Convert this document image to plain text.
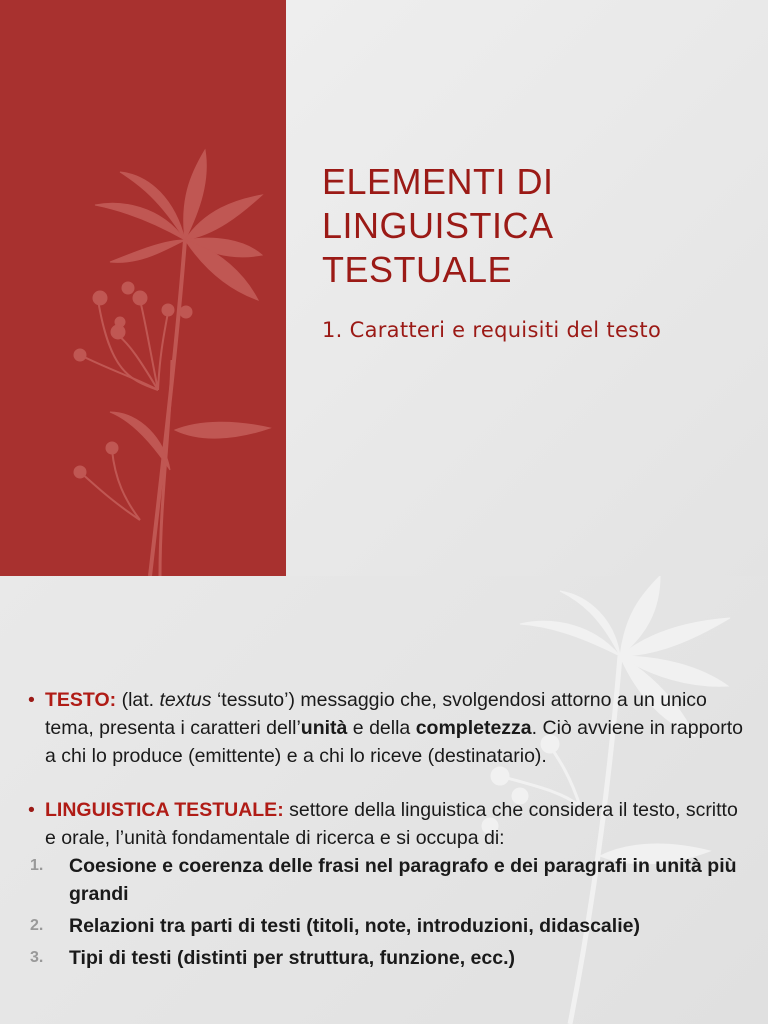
ELEMENTI DI
LINGUISTICA
TESTUALE
1. Caratteri e requisiti del testo

• TESTO: (lat. textus ‘tessuto’) messaggio che, svolgendosi attorno a un unico tema, presenta i caratteri dell’unità e della completezza. Ciò avviene in rapporto a chi lo produce (emittente) e a chi lo riceve (destinatario).

• LINGUISTICA TESTUALE: settore della linguistica che considera il testo, scritto e orale, l’unità fondamentale di ricerca e si occupa di:

1. Coesione e coerenza delle frasi nel paragrafo e dei paragrafi in unità più grandi
2. Relazioni tra parti di testi (titoli, note, introduzioni, didascalie)
3. Tipi di testi (distinti per struttura, funzione, ecc.)
